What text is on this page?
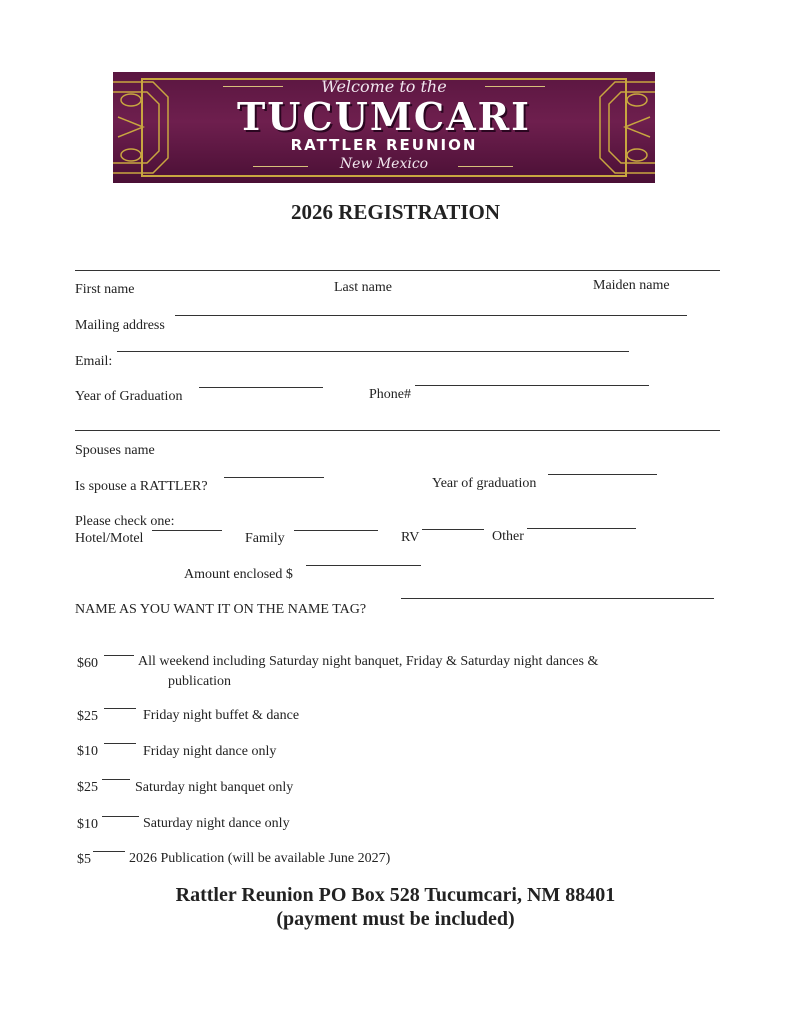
Welcome to the
TUCUMCARI
RATTLER REUNION
New Mexico
2026 REGISTRATION
First name	Last name	Maiden name
Mailing address
Email:
Year of Graduation	Phone#
Spouses name
Is spouse a RATTLER?	Year of graduation
Please check one:
Hotel/Motel	Family	RV	Other
Amount enclosed $
NAME AS YOU WANT IT ON THE NAME TAG?
$60	All weekend including Saturday night banquet, Friday & Saturday night dances &
publication
$25	Friday night buffet & dance
$10	Friday night dance only
$25	Saturday night banquet only
$10	Saturday night dance only
$5	2026 Publication (will be available June 2027)
Rattler Reunion PO Box 528 Tucumcari, NM 88401
(payment must be included)
